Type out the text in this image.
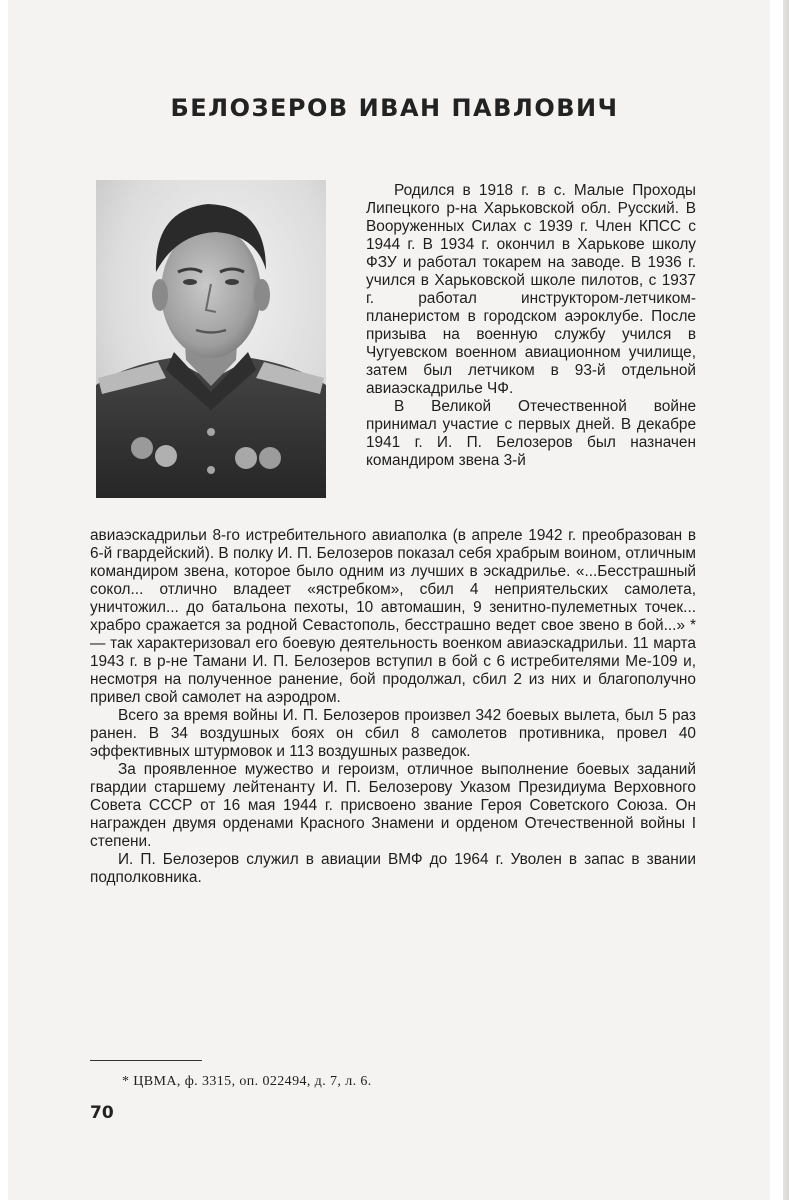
БЕЛОЗЕРОВ ИВАН ПАВЛОВИЧ

Родился в 1918 г. в с. Малые Проходы Липецкого р-на Харьковской обл. Русский. В Вооруженных Силах с 1939 г. Член КПСС с 1944 г. В 1934 г. окончил в Харькове школу ФЗУ и работал токарем на заводе. В 1936 г. учился в Харьковской школе пилотов, с 1937 г. работал инструктором-летчиком-планеристом в городском аэроклубе. После призыва на военную службу учился в Чугуевском военном авиационном училище, затем был летчиком в 93-й отдельной авиаэскадрилье ЧФ.

В Великой Отечественной войне принимал участие с первых дней. В декабре 1941 г. И. П. Белозеров был назначен командиром звена 3-й

авиаэскадрильи 8-го истребительного авиаполка (в апреле 1942 г. преобразован в 6-й гвардейский). В полку И. П. Белозеров показал себя храбрым воином, отличным командиром звена, которое было одним из лучших в эскадрилье. «...Бесстрашный сокол... отлично владеет «ястребком», сбил 4 неприятельских самолета, уничтожил... до батальона пехоты, 10 автомашин, 9 зенитно-пулеметных точек... храбро сражается за родной Севастополь, бесстрашно ведет свое звено в бой...» * — так характеризовал его боевую деятельность военком авиаэскадрильи. 11 марта 1943 г. в р-не Тамани И. П. Белозеров вступил в бой с 6 истребителями Ме-109 и, несмотря на полученное ранение, бой продолжал, сбил 2 из них и благополучно привел свой самолет на аэродром.

Всего за время войны И. П. Белозеров произвел 342 боевых вылета, был 5 раз ранен. В 34 воздушных боях он сбил 8 самолетов противника, провел 40 эффективных штурмовок и 113 воздушных разведок.

За проявленное мужество и героизм, отличное выполнение боевых заданий гвардии старшему лейтенанту И. П. Белозерову Указом Президиума Верховного Совета СССР от 16 мая 1944 г. присвоено звание Героя Советского Союза. Он награжден двумя орденами Красного Знамени и орденом Отечественной войны I степени.

И. П. Белозеров служил в авиации ВМФ до 1964 г. Уволен в запас в звании подполковника.

* ЦВМА, ф. 3315, оп. 022494, д. 7, л. 6.
70
